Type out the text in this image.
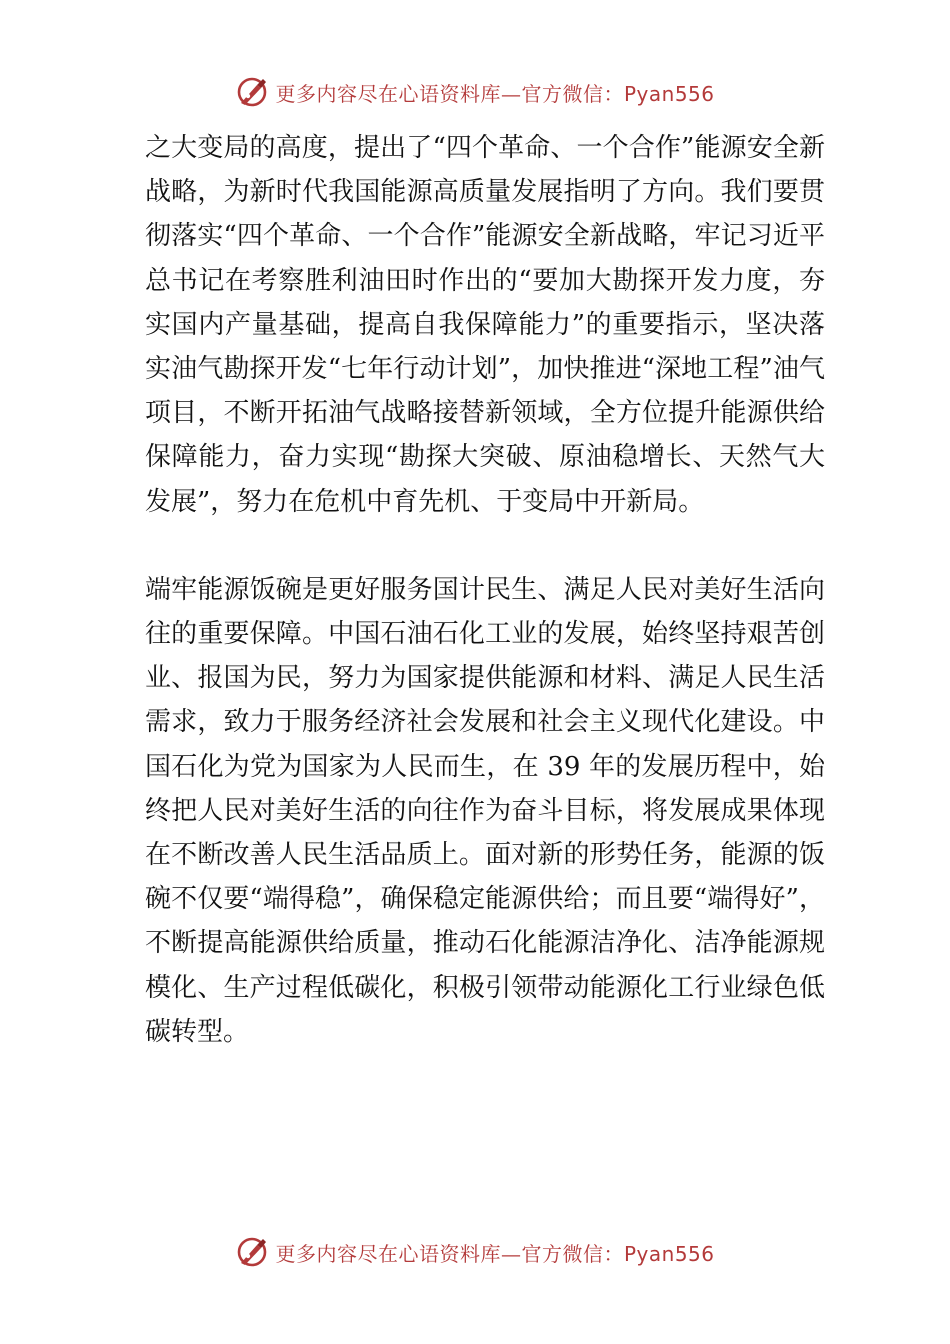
更多内容尽在心语资料库—官方微信：Pyan556

之大变局的高度，提出了“四个革命、一个合作”能源安全新战略，为新时代我国能源高质量发展指明了方向。我们要贯彻落实“四个革命、一个合作”能源安全新战略，牢记习近平总书记在考察胜利油田时作出的“要加大勘探开发力度，夯实国内产量基础，提高自我保障能力”的重要指示，坚决落实油气勘探开发“七年行动计划”，加快推进“深地工程”油气项目，不断开拓油气战略接替新领域，全方位提升能源供给保障能力，奋力实现“勘探大突破、原油稳增长、天然气大发展”，努力在危机中育先机、于变局中开新局。

端牢能源饭碗是更好服务国计民生、满足人民对美好生活向往的重要保障。中国石油石化工业的发展，始终坚持艰苦创业、报国为民，努力为国家提供能源和材料、满足人民生活需求，致力于服务经济社会发展和社会主义现代化建设。中国石化为党为国家为人民而生，在 39 年的发展历程中，始终把人民对美好生活的向往作为奋斗目标，将发展成果体现在不断改善人民生活品质上。面对新的形势任务，能源的饭碗不仅要“端得稳”，确保稳定能源供给；而且要“端得好”，不断提高能源供给质量，推动石化能源洁净化、洁净能源规模化、生产过程低碳化，积极引领带动能源化工行业绿色低碳转型。

更多内容尽在心语资料库—官方微信：Pyan556
